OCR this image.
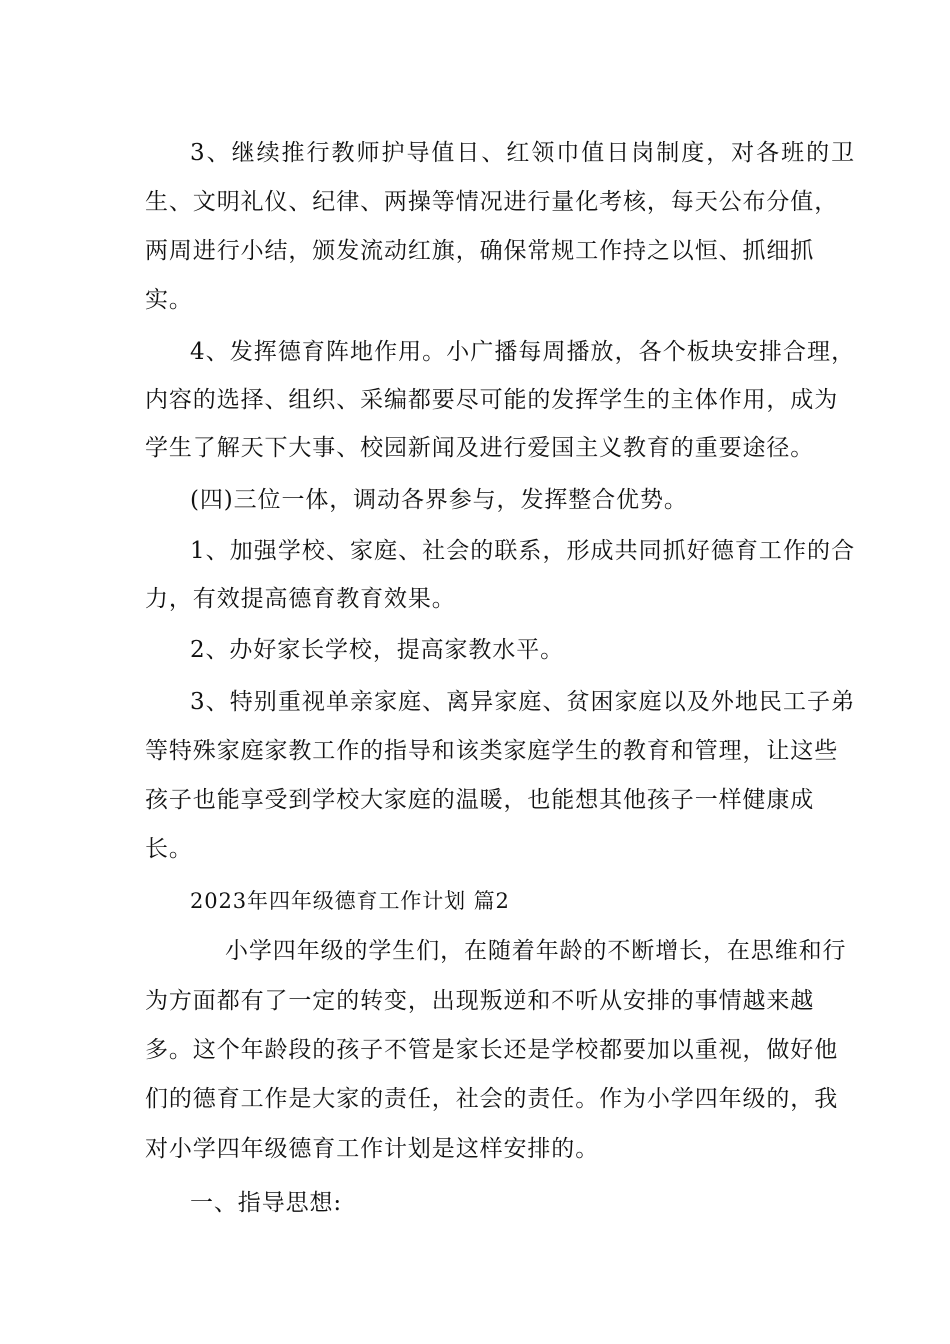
3、继续推行教师护导值日、红领巾值日岗制度，对各班的卫
生、文明礼仪、纪律、两操等情况进行量化考核，每天公布分值，
两周进行小结，颁发流动红旗，确保常规工作持之以恒、抓细抓
实。
4、发挥德育阵地作用。小广播每周播放，各个板块安排合理，
内容的选择、组织、采编都要尽可能的发挥学生的主体作用，成为
学生了解天下大事、校园新闻及进行爱国主义教育的重要途径。
(四)三位一体，调动各界参与，发挥整合优势。
1、加强学校、家庭、社会的联系，形成共同抓好德育工作的合
力，有效提高德育教育效果。
2、办好家长学校，提高家教水平。
3、特别重视单亲家庭、离异家庭、贫困家庭以及外地民工子弟
等特殊家庭家教工作的指导和该类家庭学生的教育和管理，让这些
孩子也能享受到学校大家庭的温暖，也能想其他孩子一样健康成
长。
2023年四年级德育工作计划 篇2
小学四年级的学生们，在随着年龄的不断增长，在思维和行
为方面都有了一定的转变，出现叛逆和不听从安排的事情越来越
多。这个年龄段的孩子不管是家长还是学校都要加以重视，做好他
们的德育工作是大家的责任，社会的责任。作为小学四年级的，我
对小学四年级德育工作计划是这样安排的。
一、指导思想:
